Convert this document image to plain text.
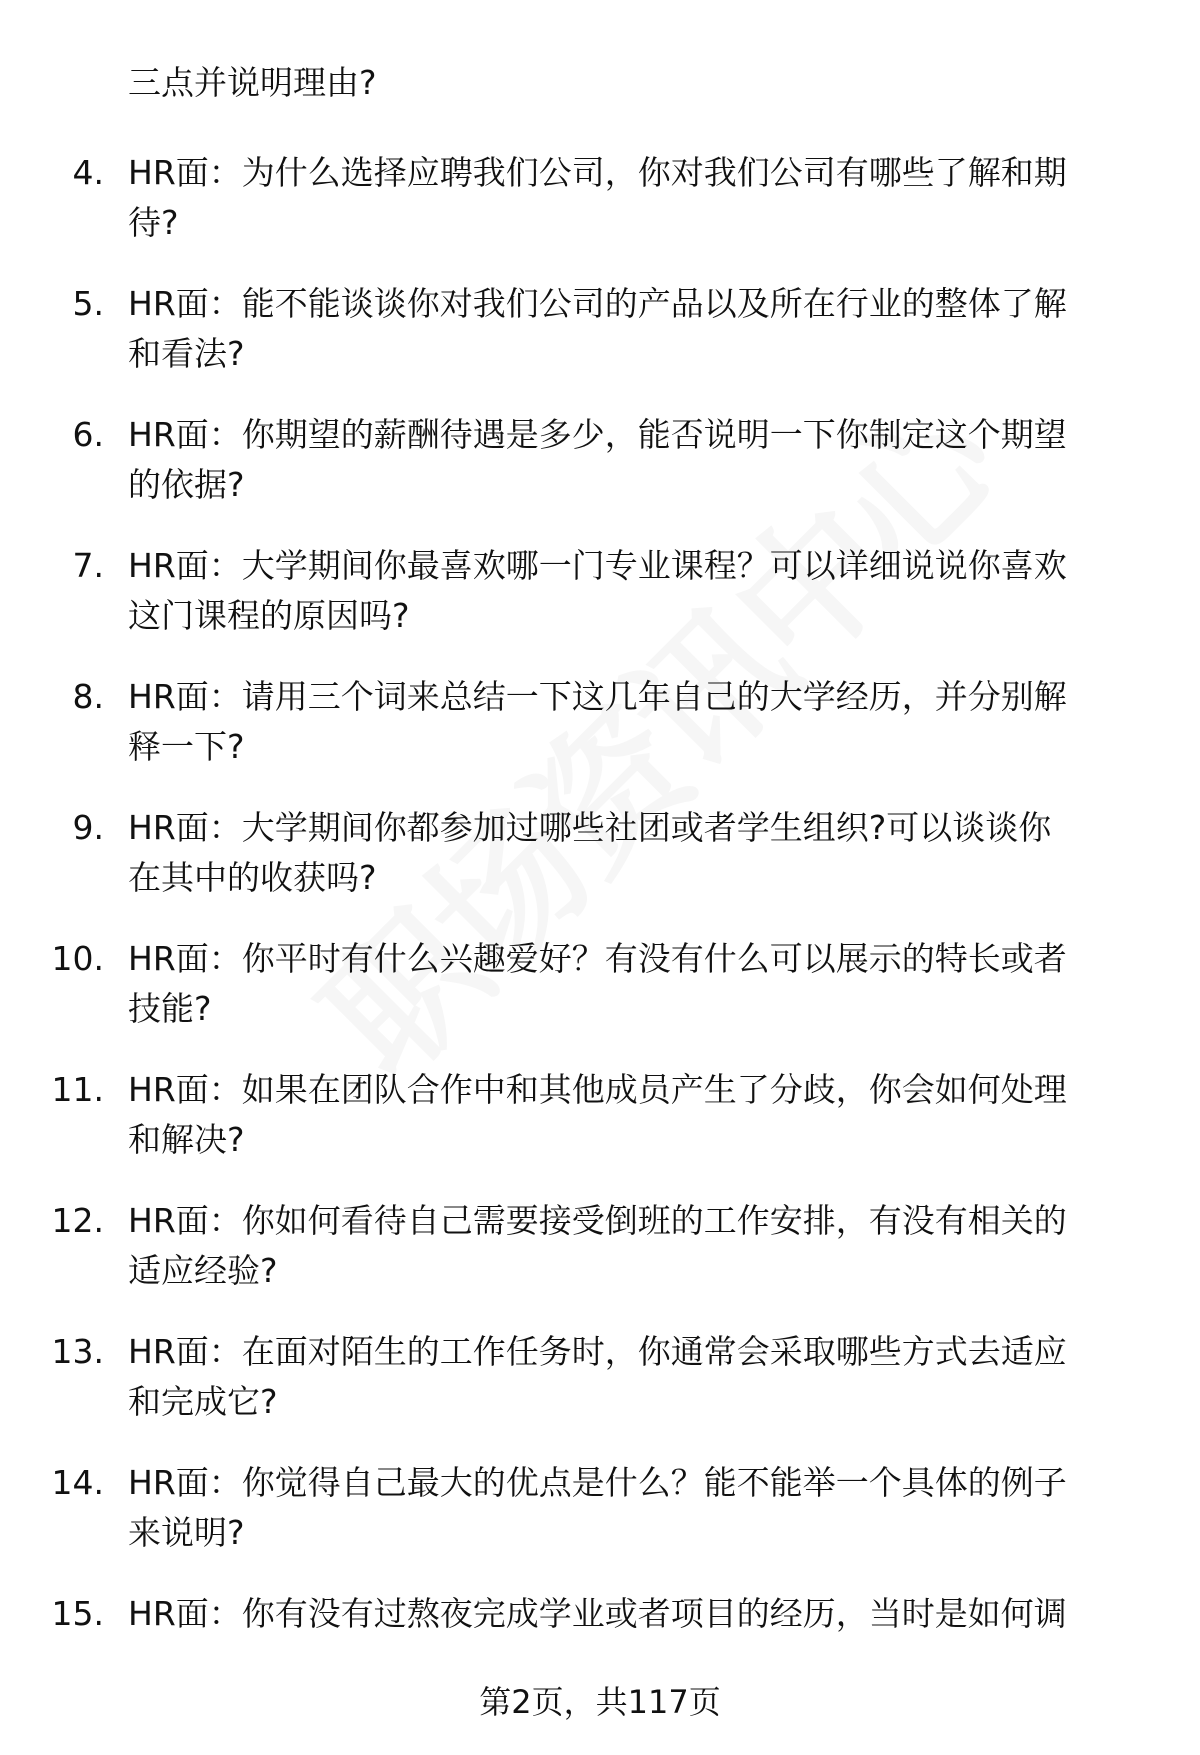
三点并说明理由?
4. HR面：为什么选择应聘我们公司，你对我们公司有哪些了解和期
待?
5. HR面：能不能谈谈你对我们公司的产品以及所在行业的整体了解
和看法?
6. HR面：你期望的薪酬待遇是多少，能否说明一下你制定这个期望
的依据?
7. HR面：大学期间你最喜欢哪一门专业课程？可以详细说说你喜欢
这门课程的原因吗?
8. HR面：请用三个词来总结一下这几年自己的大学经历，并分别解
释一下?
9. HR面：大学期间你都参加过哪些社团或者学生组织?可以谈谈你
在其中的收获吗?
10. HR面：你平时有什么兴趣爱好？有没有什么可以展示的特长或者
技能?
11. HR面：如果在团队合作中和其他成员产生了分歧，你会如何处理
和解决?
12. HR面：你如何看待自己需要接受倒班的工作安排，有没有相关的
适应经验?
13. HR面：在面对陌生的工作任务时，你通常会采取哪些方式去适应
和完成它?
14. HR面：你觉得自己最大的优点是什么？能不能举一个具体的例子
来说明?
15. HR面：你有没有过熬夜完成学业或者项目的经历，当时是如何调
第2页，共117页
